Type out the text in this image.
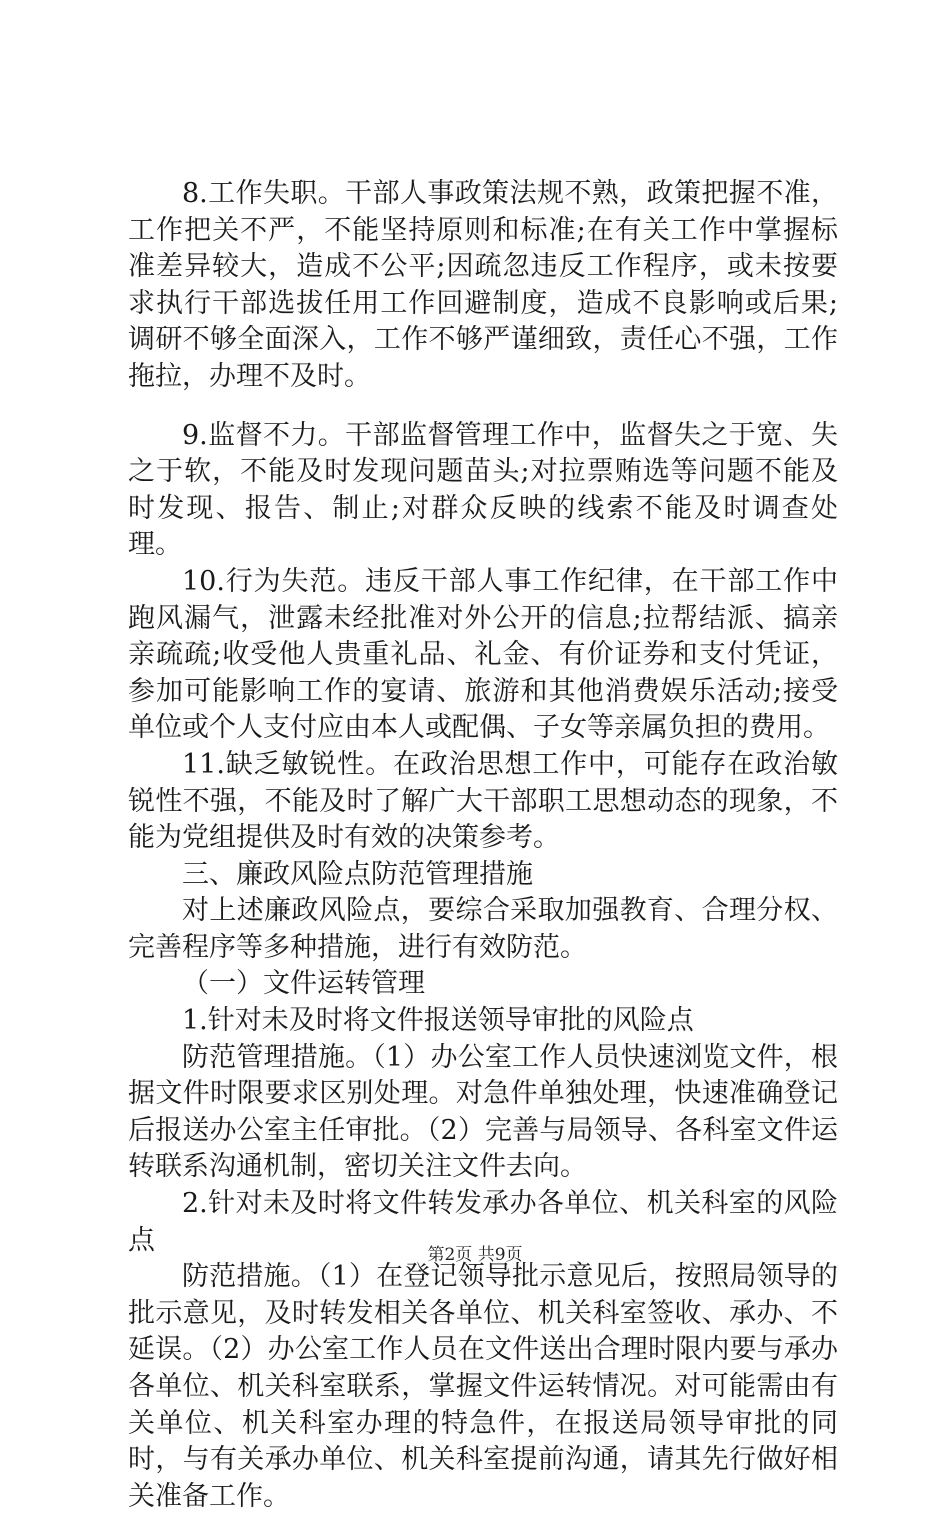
8.工作失职。干部人事政策法规不熟，政策把握不准，工作把关不严，不能坚持原则和标准;在有关工作中掌握标准差异较大，造成不公平;因疏忽违反工作程序，或未按要求执行干部选拔任用工作回避制度，造成不良影响或后果;调研不够全面深入，工作不够严谨细致，责任心不强，工作拖拉，办理不及时。

9.监督不力。干部监督管理工作中，监督失之于宽、失之于软，不能及时发现问题苗头;对拉票贿选等问题不能及时发现、报告、制止;对群众反映的线索不能及时调查处理。

10.行为失范。违反干部人事工作纪律，在干部工作中跑风漏气，泄露未经批准对外公开的信息;拉帮结派、搞亲亲疏疏;收受他人贵重礼品、礼金、有价证券和支付凭证，参加可能影响工作的宴请、旅游和其他消费娱乐活动;接受单位或个人支付应由本人或配偶、子女等亲属负担的费用。

11.缺乏敏锐性。在政治思想工作中，可能存在政治敏锐性不强，不能及时了解广大干部职工思想动态的现象，不能为党组提供及时有效的决策参考。

三、廉政风险点防范管理措施

对上述廉政风险点，要综合采取加强教育、合理分权、完善程序等多种措施，进行有效防范。

（一）文件运转管理

1.针对未及时将文件报送领导审批的风险点

防范管理措施。（1）办公室工作人员快速浏览文件，根据文件时限要求区别处理。对急件单独处理，快速准确登记后报送办公室主任审批。（2）完善与局领导、各科室文件运转联系沟通机制，密切关注文件去向。

2.针对未及时将文件转发承办各单位、机关科室的风险点

防范措施。（1）在登记领导批示意见后，按照局领导的批示意见，及时转发相关各单位、机关科室签收、承办、不延误。（2）办公室工作人员在文件送出合理时限内要与承办各单位、机关科室联系，掌握文件运转情况。对可能需由有关单位、机关科室办理的特急件，在报送局领导审批的同时，与有关承办单位、机关科室提前沟通，请其先行做好相关准备工作。

第2页 共9页
